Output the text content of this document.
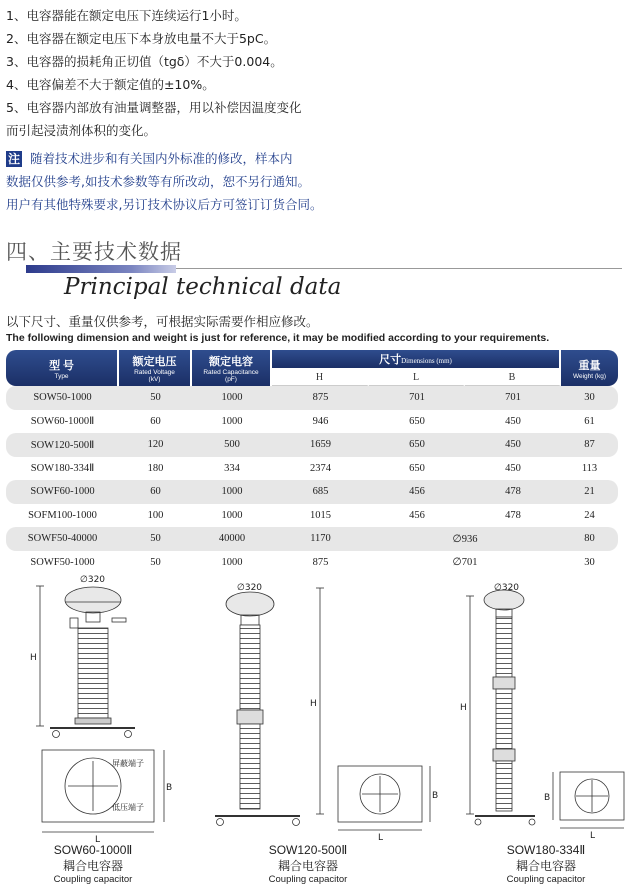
1、电容器能在额定电压下连续运行1小时。

2、电容器在额定电压下本身放电量不大于5pC。

3、电容器的损耗角正切值（tgδ）不大于0.004。

4、电容偏差不大于额定值的±10%。

5、电容器内部放有油量调整器，用以补偿因温度变化

而引起浸渍剂体积的变化。

注 随着技术进步和有关国内外标准的修改，样本内

数据仅供参考,如技术参数等有所改动，恕不另行通知。

用户有其他特殊要求,另订技术协议后方可签订订货合同。

四、主要技术数据
Principal technical data
以下尺寸、重量仅供参考，可根据实际需要作相应修改。
The following dimension and weight is just for reference, it may be modified according to your requirements.
型 号
Type	额定电压
Rated Voltage
(kV)	额定电容
Rated Capacitance
(pF)	尺寸Dimensions (mm)			重量
Weight (kg)

			H	L	B	
SOW50-1000	50	1000	875	701	701	30
SOW60-1000Ⅱ	60	1000	946	650	450	61
SOW120-500Ⅱ	120	500	1659	650	450	87
SOW180-334Ⅱ	180	334	2374	650	450	113
SOWF60-1000	60	1000	685	456	478	21
SOFM100-1000	100	1000	1015	456	478	24
SOWF50-40000	50	40000	1170	∅936		80
SOWF50-1000	50	1000	875	∅701		30
∅320
H
B
L
屏蔽端子
低压端子
∅320
H
B
L
∅320
H
B
L
SOW60-1000Ⅱ
耦合电容器
Coupling capacitor
SOW120-500Ⅱ
耦合电容器
Coupling capacitor
SOW180-334Ⅱ
耦合电容器
Coupling capacitor
